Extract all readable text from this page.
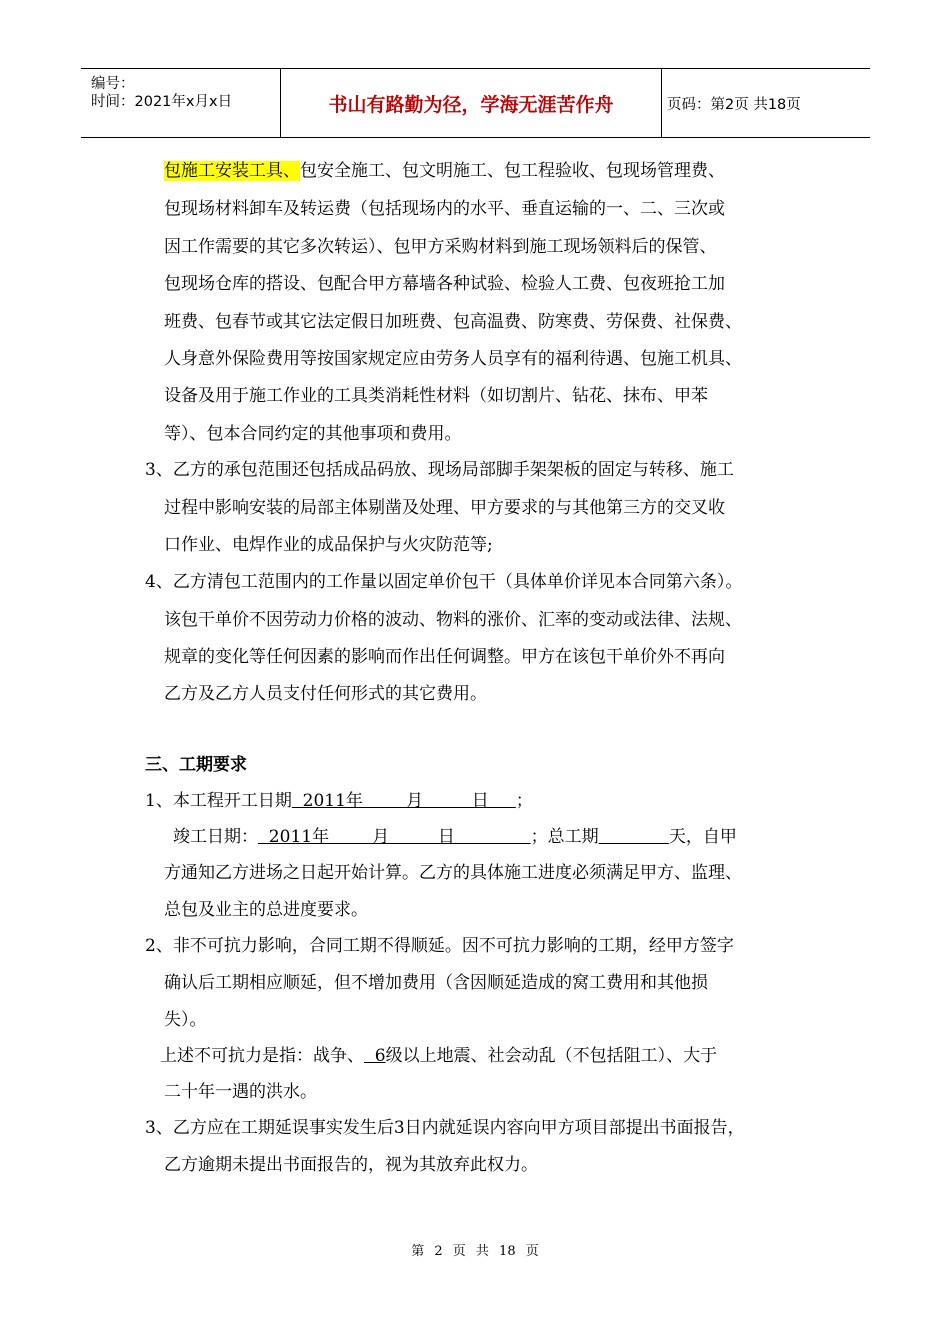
编号：
时间：2021年x月x日	书山有路勤为径，学海无涯苦作舟	页码：第2页 共18页
包施工安装工具、包安全施工、包文明施工、包工程验收、包现场管理费、
包现场材料卸车及转运费（包括现场内的水平、垂直运输的一、二、三次或
因工作需要的其它多次转运）、包甲方采购材料到施工现场领料后的保管、
包现场仓库的搭设、包配合甲方幕墙各种试验、检验人工费、包夜班抢工加
班费、包春节或其它法定假日加班费、包高温费、防寒费、劳保费、社保费、
人身意外保险费用等按国家规定应由劳务人员享有的福利待遇、包施工机具、
设备及用于施工作业的工具类消耗性材料（如切割片、钻花、抹布、甲苯
等）、包本合同约定的其他事项和费用。
3、乙方的承包范围还包括成品码放、现场局部脚手架架板的固定与转移、施工
过程中影响安装的局部主体剔凿及处理、甲方要求的与其他第三方的交叉收
口作业、电焊作业的成品保护与火灾防范等;
4、乙方清包工范围内的工作量以固定单价包干（具体单价详见本合同第六条）。
该包干单价不因劳动力价格的波动、物料的涨价、汇率的变动或法律、法规、
规章的变化等任何因素的影响而作出任何调整。甲方在该包干单价外不再向
乙方及乙方人员支付任何形式的其它费用。
三、工期要求
1、本工程开工日期  2011年        月         日     ；
竣工日期：  2011年        月         日              ；总工期	天，自甲
方通知乙方进场之日起开始计算。乙方的具体施工进度必须满足甲方、监理、
总包及业主的总进度要求。
2、非不可抗力影响，合同工期不得顺延。因不可抗力影响的工期，经甲方签字
确认后工期相应顺延，但不增加费用（含因顺延造成的窝工费用和其他损
失）。
上述不可抗力是指：战争、  6级以上地震、社会动乱（不包括阻工）、大于
二十年一遇的洪水。
3、乙方应在工期延误事实发生后3日内就延误内容向甲方项目部提出书面报告，
乙方逾期未提出书面报告的，视为其放弃此权力。
第 2 页 共 18 页
